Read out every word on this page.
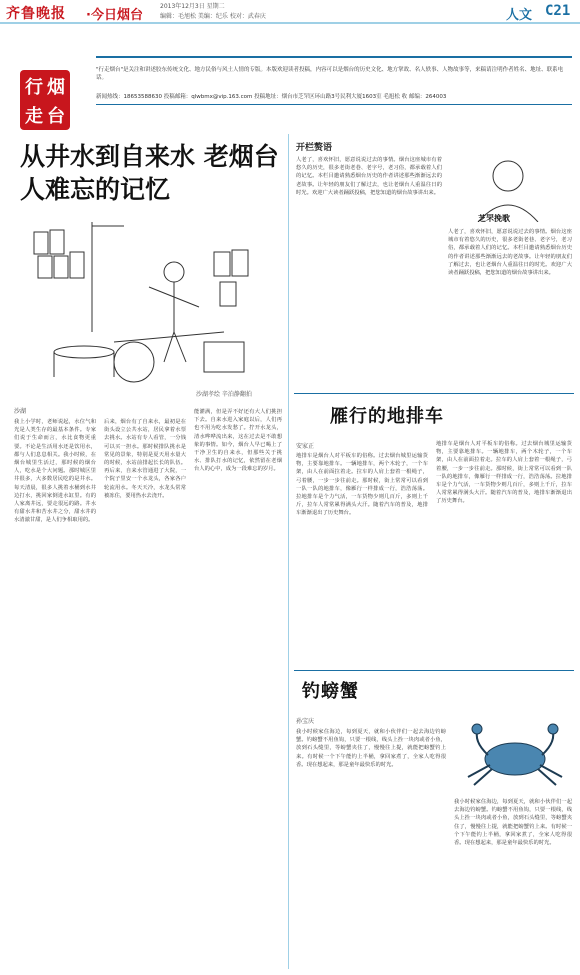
齐鲁晚报 ·今日烟台
2013年12月3日 星期二
编辑：毛旭松 美编：纪乐 校对：武春庆	人文 C21
行 烟
走 台
"行走烟台"是关注和讲述胶东传统文化、地方民俗与风土人情的专版。本版欢迎读者投稿，内容可以是烟台的历史文化、地方掌故、名人轶事、人物故事等，来稿请注明作者姓名、地址、联系电话。
新闻热线：18653588630 投稿邮箱：qlwbmx@vip.163.com 投稿地址：烟台市芝罘区环山路3号民利大厦1603室 毛旭松 收 邮编：264003
从井水到自来水 老烟台人难忘的记忆
沙湖孝绘 辛泊静翻拍
沙湖
我上小学时，老师说起，水位气和光是人类生存的最基本条件。专家们说于生命而言，水比食物更重要。不论是生活用水还是饮用水，都与人们息息相关。我小时候，在烟台城里生活过，那时候的烟台人，吃水是个大问题。那时城区里井很多，大多数居民吃的是井水。每天清晨，很多人挑着水桶到水井边打水，挑回家倒进水缸里。有的人家离井远，要走很远的路。井水有甜水井和苦水井之分，甜水井的水清澈甘甜，是人们争相取用的。
后来，烟台有了自来水，最初是在街头设立公共水站，居民拿着水票去挑水。水站有专人看管，一分钱可以买一担水。那时候排队挑水是常见的景象，特别是夏天用水量大的时候，水站前排起长长的队伍。再后来，自来水管通进了大院，一个院子里安一个水龙头，各家各户轮流用水。冬天天冷，水龙头常常被冻住，要用热水去浇开。
能灌满，但是弄不好还有大人们挑担下去。自来水进入家庭以后，人们再也不用为吃水发愁了。拧开水龙头，清水哗哗流出来，这在过去是不敢想象的事情。如今，烟台人早已喝上了干净卫生的自来水，但那些关于挑水、排队打水的记忆，依然留在老烟台人的心中，成为一段难忘的岁月。
开栏赘语
芝罘挽歌
人老了，喜欢怀旧，愿意说说过去的事情。烟台这座城市有着悠久的历史，很多老街老巷、老字号，老习俗，都承载着人们的记忆。本栏目邀请熟悉烟台历史的作者讲述那些渐渐远去的老故事。让年轻的朋友们了解过去，也让老烟台人重温往日的时光。欢迎广大读者踊跃投稿，把您知道的烟台故事讲出来。
人老了，喜欢怀旧，愿意说说过去的事情。烟台这座城市有着悠久的历史，很多老街老巷、老字号，老习俗，都承载着人们的记忆。本栏目邀请熟悉烟台历史的作者讲述那些渐渐远去的老故事。让年轻的朋友们了解过去，也让老烟台人重温往日的时光。欢迎广大读者踊跃投稿，把您知道的烟台故事讲出来。
雁行的地排车
安家正
地排车是烟台人对平板车的俗称。过去烟台城里运输货物，主要靠地排车。一辆地排车，两个木轮子，一个车架，由人在前面拉着走。拉车的人肩上套着一根绳子，弓着腰，一步一步往前走。那时候，街上常常可以看到一队一队的地排车，像雁行一样排成一行，浩浩荡荡。拉地排车是个力气活，一车货物少则几百斤，多则上千斤，拉车人常常累得满头大汗。随着汽车的普及，地排车渐渐退出了历史舞台。
地排车是烟台人对平板车的俗称。过去烟台城里运输货物，主要靠地排车。一辆地排车，两个木轮子，一个车架，由人在前面拉着走。拉车的人肩上套着一根绳子，弓着腰，一步一步往前走。那时候，街上常常可以看到一队一队的地排车，像雁行一样排成一行，浩浩荡荡。拉地排车是个力气活，一车货物少则几百斤，多则上千斤，拉车人常常累得满头大汗。随着汽车的普及，地排车渐渐退出了历史舞台。
钓螃蟹
孙宝庆
我小时候家住海边，每到夏天，就和小伙伴们一起去海边钓螃蟹。钓螃蟹不用鱼钩，只要一根线，线头上拴一块肉或者小鱼，放到石头缝里，等螃蟹夹住了，慢慢往上提，就能把螃蟹钓上来。有时候一个下午能钓上半桶，拿回家煮了，全家人吃得很香。现在想起来，那是童年最快乐的时光。
我小时候家住海边，每到夏天，就和小伙伴们一起去海边钓螃蟹。钓螃蟹不用鱼钩，只要一根线，线头上拴一块肉或者小鱼，放到石头缝里，等螃蟹夹住了，慢慢往上提，就能把螃蟹钓上来。有时候一个下午能钓上半桶，拿回家煮了，全家人吃得很香。现在想起来，那是童年最快乐的时光。
